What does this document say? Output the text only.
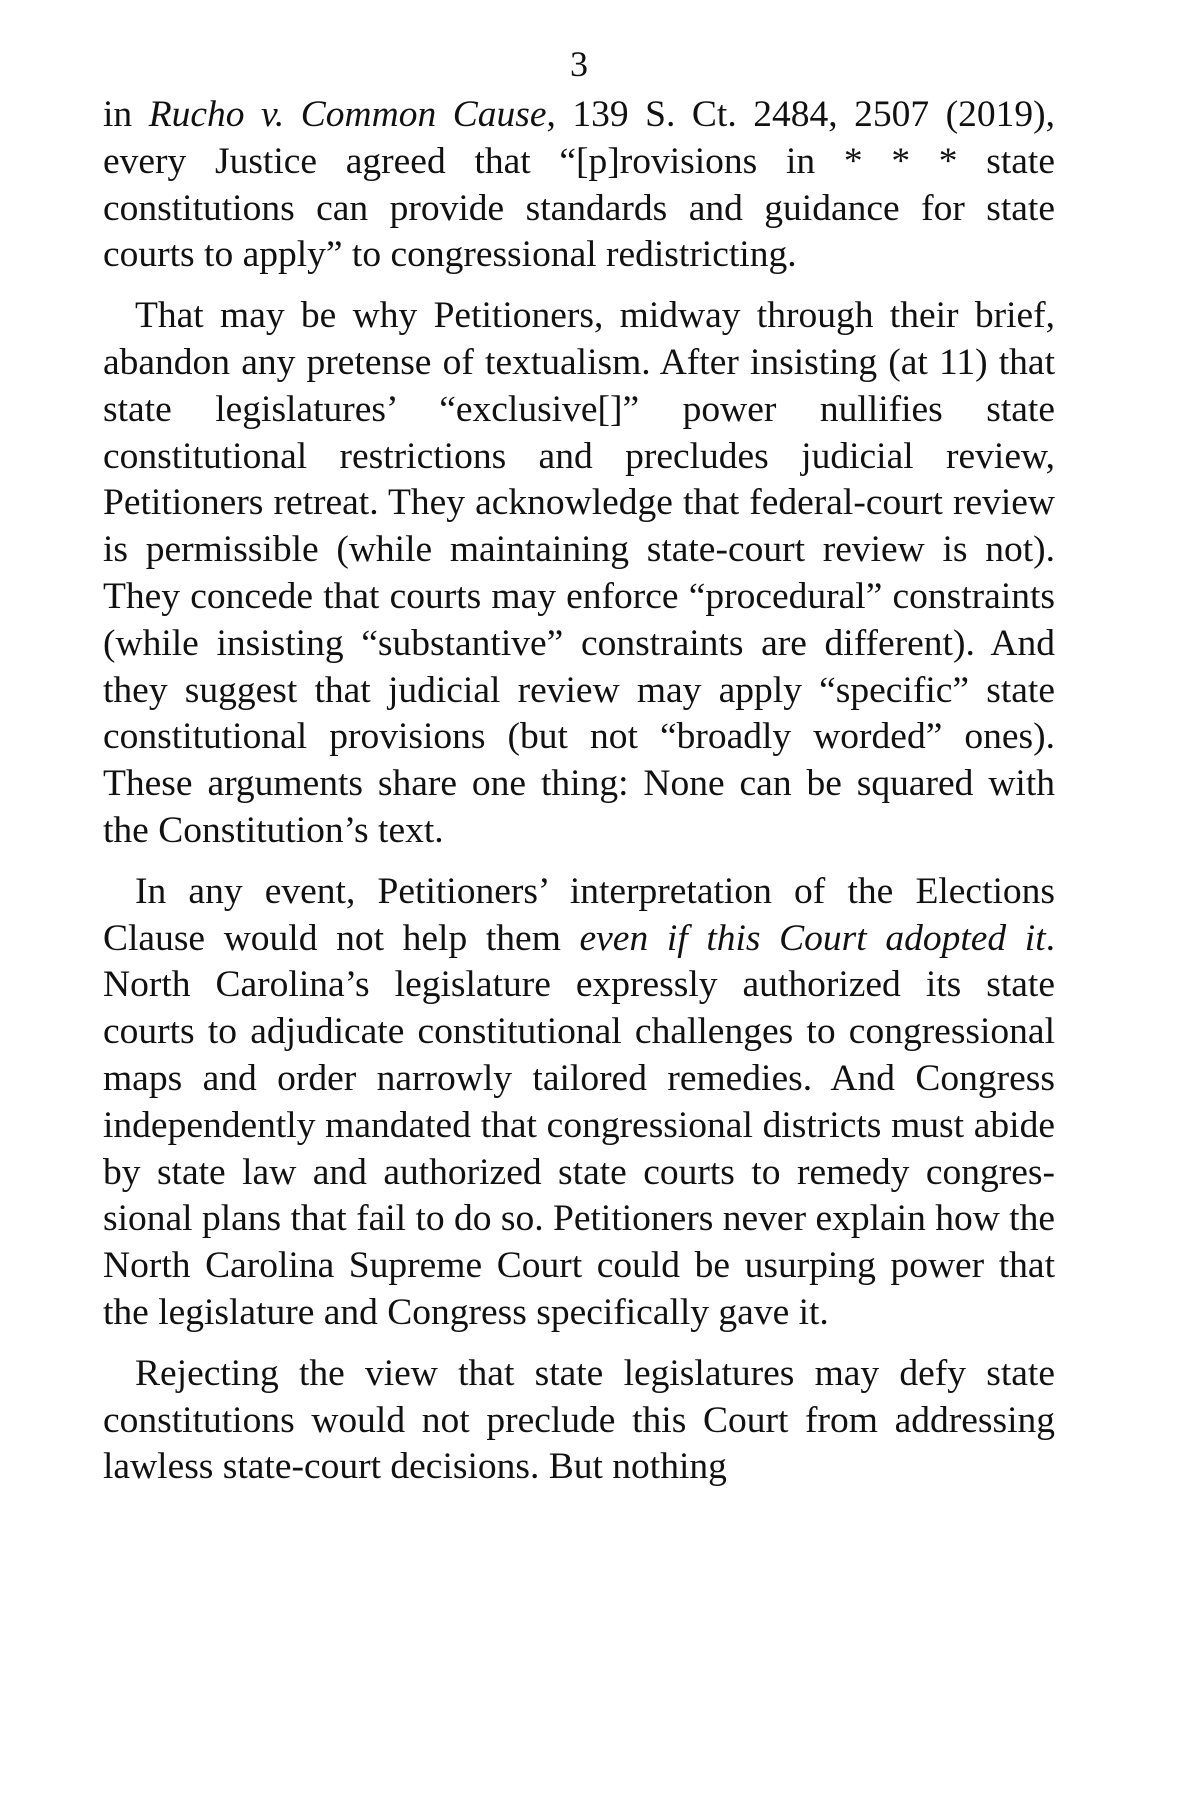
3

in Rucho v. Common Cause, 139 S. Ct. 2484, 2507 (2019), every Justice agreed that “[p]rovisions in * * * state constitutions can provide standards and guidance for state courts to apply” to congressional redistricting.

That may be why Petitioners, midway through their brief, abandon any pretense of textualism. After insisting (at 11) that state legislatures’ “exclusive[]” power nullifies state constitutional restrictions and precludes judicial review, Petitioners retreat. They acknowledge that federal-court review is permissible (while maintaining state-court review is not). They concede that courts may enforce “procedural” constraints (while insisting “substantive” constraints are different). And they suggest that judicial review may apply “specific” state constitutional provisions (but not “broadly worded” ones). These arguments share one thing: None can be squared with the Constitution’s text.

In any event, Petitioners’ interpretation of the Elections Clause would not help them even if this Court adopted it. North Carolina’s legislature expressly authorized its state courts to adjudicate constitutional challenges to congressional maps and order narrowly tailored remedies. And Congress independently mandated that congressional districts must abide by state law and authorized state courts to remedy congressional plans that fail to do so. Petitioners never explain how the North Carolina Supreme Court could be usurping power that the legislature and Congress specifically gave it.

Rejecting the view that state legislatures may defy state constitutions would not preclude this Court from addressing lawless state-court decisions. But nothing
